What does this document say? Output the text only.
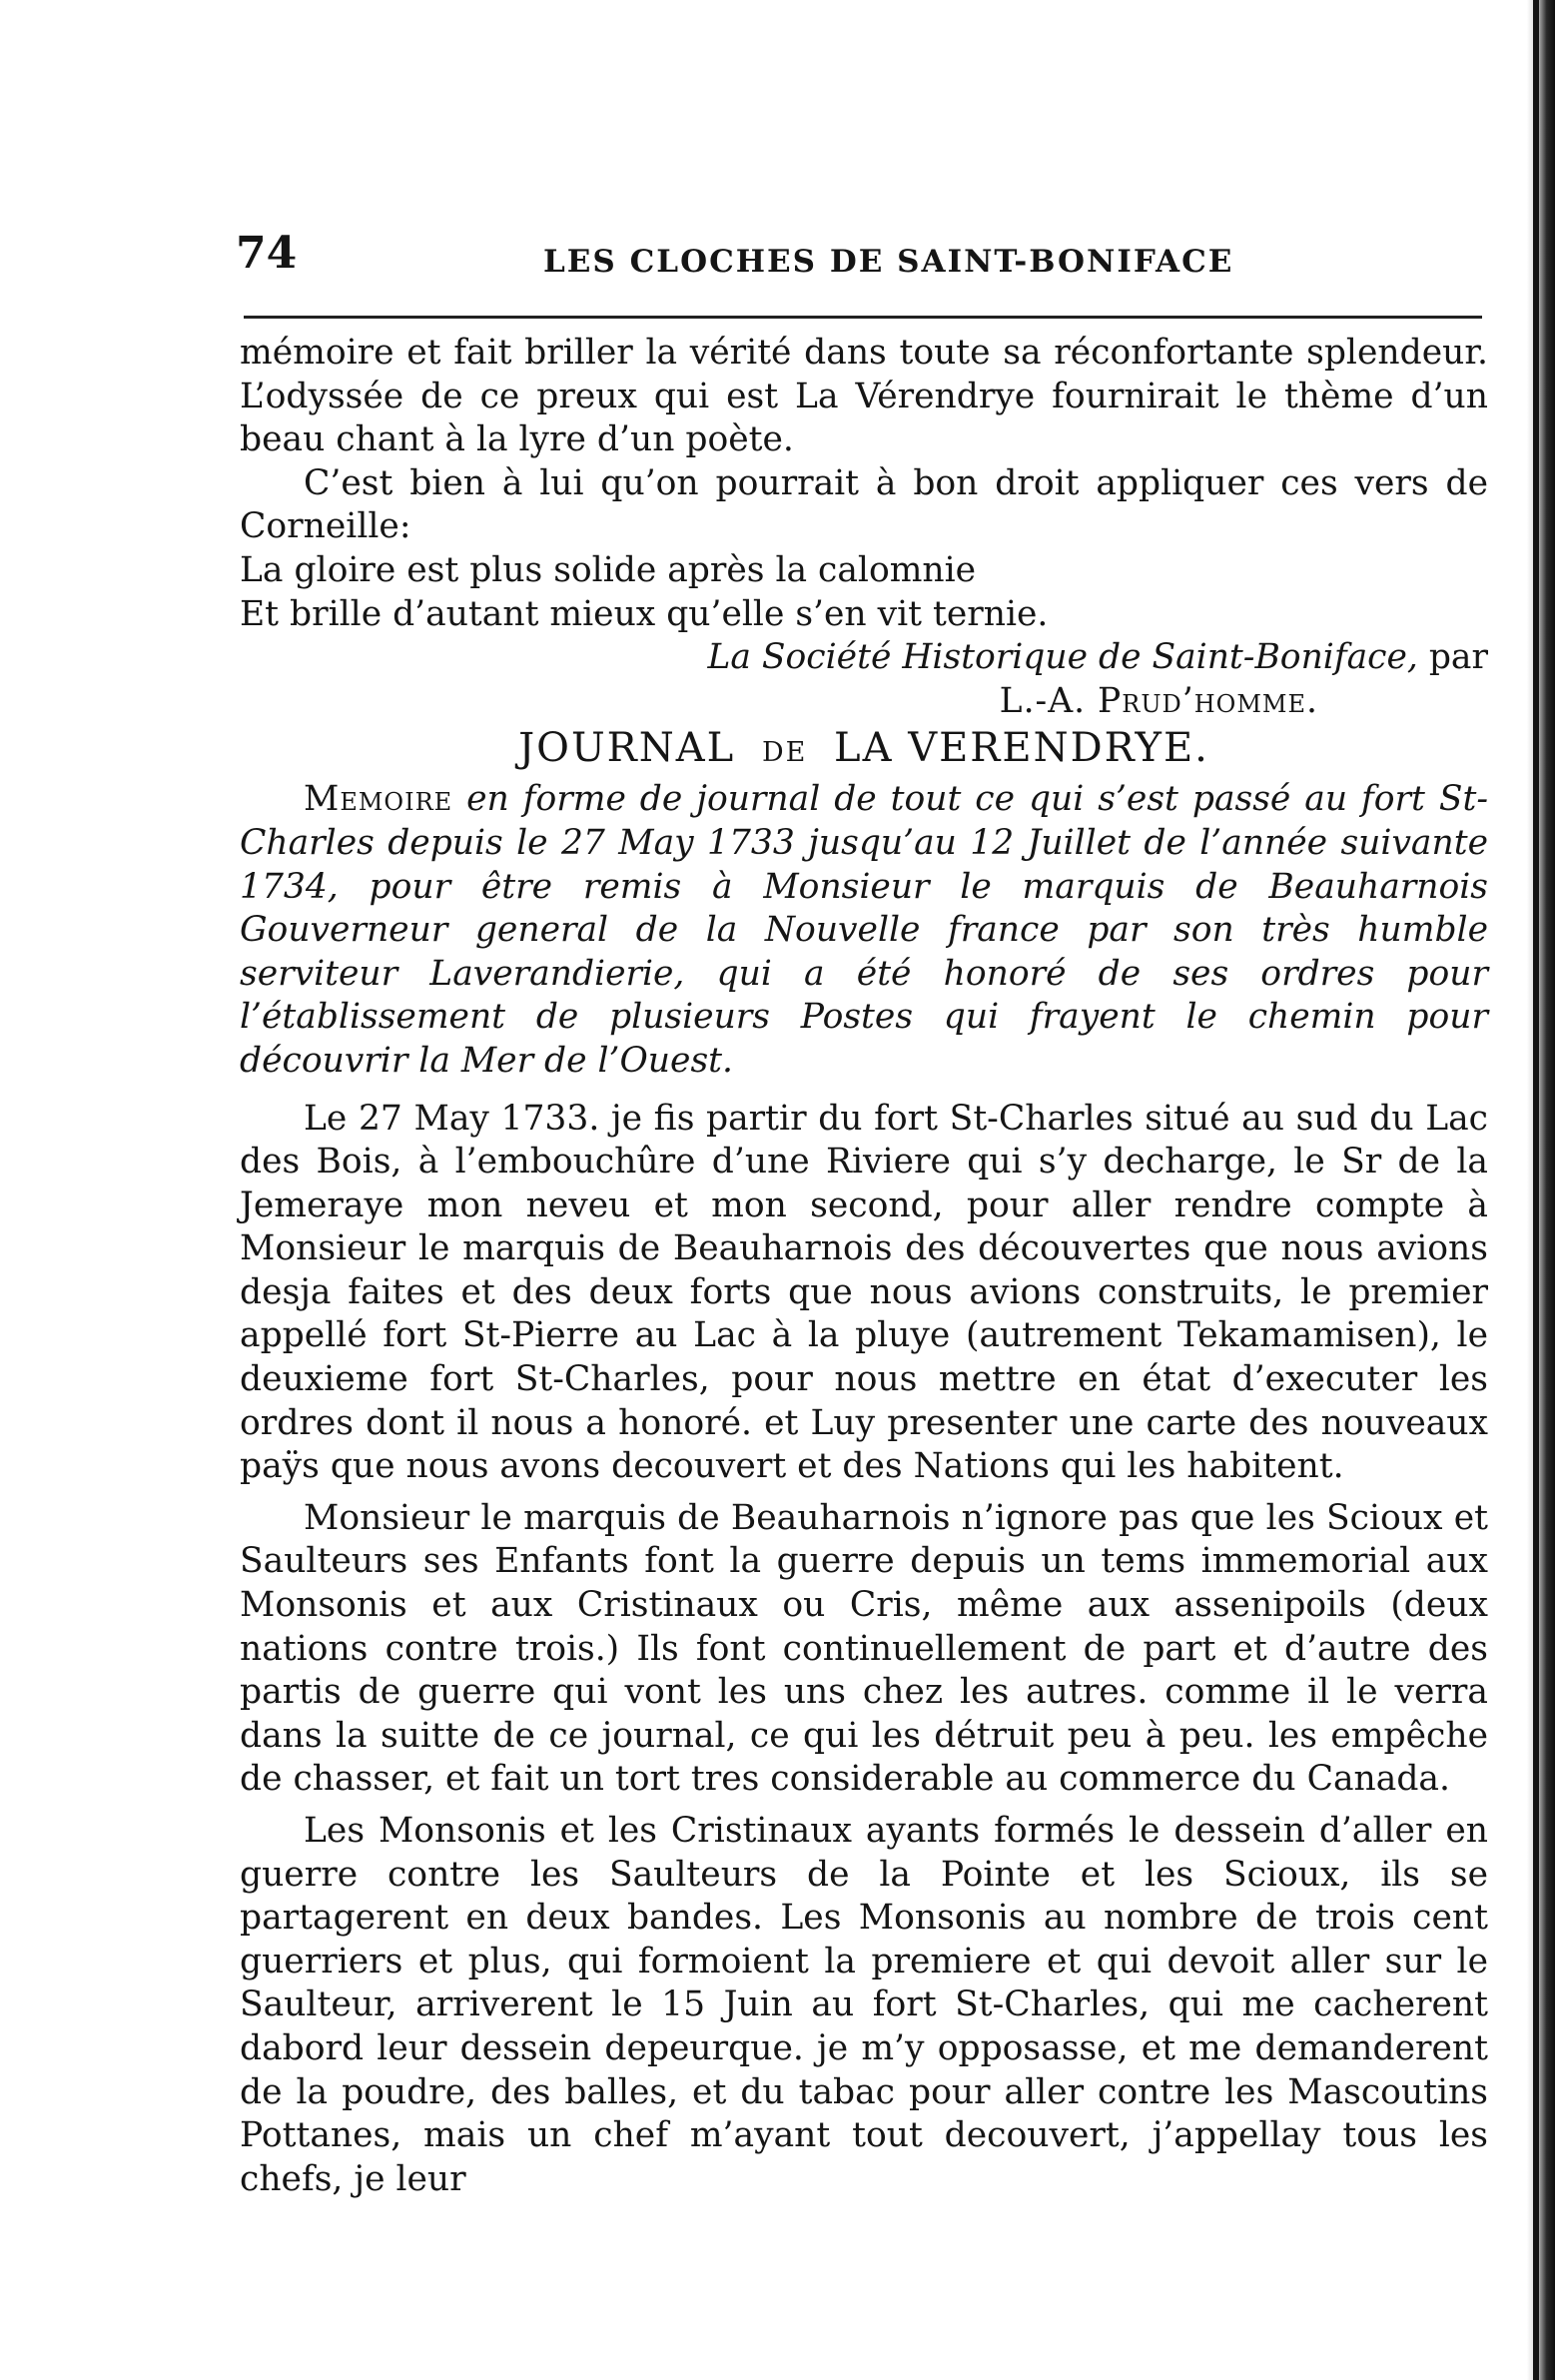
74	LES CLOCHES DE SAINT-BONIFACE

mémoire et fait briller la vérité dans toute sa réconfortante splendeur. L’odyssée de ce preux qui est La Vérendrye fournirait le thème d’un beau chant à la lyre d’un poète.

C’est bien à lui qu’on pourrait à bon droit appliquer ces vers de Corneille:

La gloire est plus solide après la calomnie

Et brille d’autant mieux qu’elle s’en vit ternie.

La Société Historique de Saint-Boniface, par

L.-A. Prud’homme.

JOURNAL DE LA VERENDRYE.

Memoire en forme de journal de tout ce qui s’est passé au fort St-Charles depuis le 27 May 1733 jusqu’au 12 Juillet de l’année suivante 1734, pour être remis à Monsieur le marquis de Beauharnois Gouverneur general de la Nouvelle france par son très humble serviteur Laverandierie, qui a été honoré de ses ordres pour l’établissement de plusieurs Postes qui frayent le chemin pour découvrir la Mer de l’Ouest.

Le 27 May 1733. je fis partir du fort St-Charles situé au sud du Lac des Bois, à l’embouchûre d’une Riviere qui s’y decharge, le Sr de la Jemeraye mon neveu et mon second, pour aller rendre compte à Monsieur le marquis de Beauharnois des découvertes que nous avions desja faites et des deux forts que nous avions construits, le premier appellé fort St-Pierre au Lac à la pluye (autrement Tekamamisen), le deuxieme fort St-Charles, pour nous mettre en état d’executer les ordres dont il nous a honoré. et Luy presenter une carte des nouveaux paÿs que nous avons decouvert et des Nations qui les habitent.

Monsieur le marquis de Beauharnois n’ignore pas que les Scioux et Saulteurs ses Enfants font la guerre depuis un tems immemorial aux Monsonis et aux Cristinaux ou Cris, même aux assenipoils (deux nations contre trois.) Ils font continuellement de part et d’autre des partis de guerre qui vont les uns chez les autres. comme il le verra dans la suitte de ce journal, ce qui les détruit peu à peu. les empêche de chasser, et fait un tort tres considerable au commerce du Canada.

Les Monsonis et les Cristinaux ayants formés le dessein d’aller en guerre contre les Saulteurs de la Pointe et les Scioux, ils se partagerent en deux bandes. Les Monsonis au nombre de trois cent guerriers et plus, qui formoient la premiere et qui devoit aller sur le Saulteur, arriverent le 15 Juin au fort St-Charles, qui me cacherent dabord leur dessein depeurque. je m’y opposasse, et me demanderent de la poudre, des balles, et du tabac pour aller contre les Mascoutins Pottanes, mais un chef m’ayant tout decouvert, j’appellay tous les chefs, je leur
